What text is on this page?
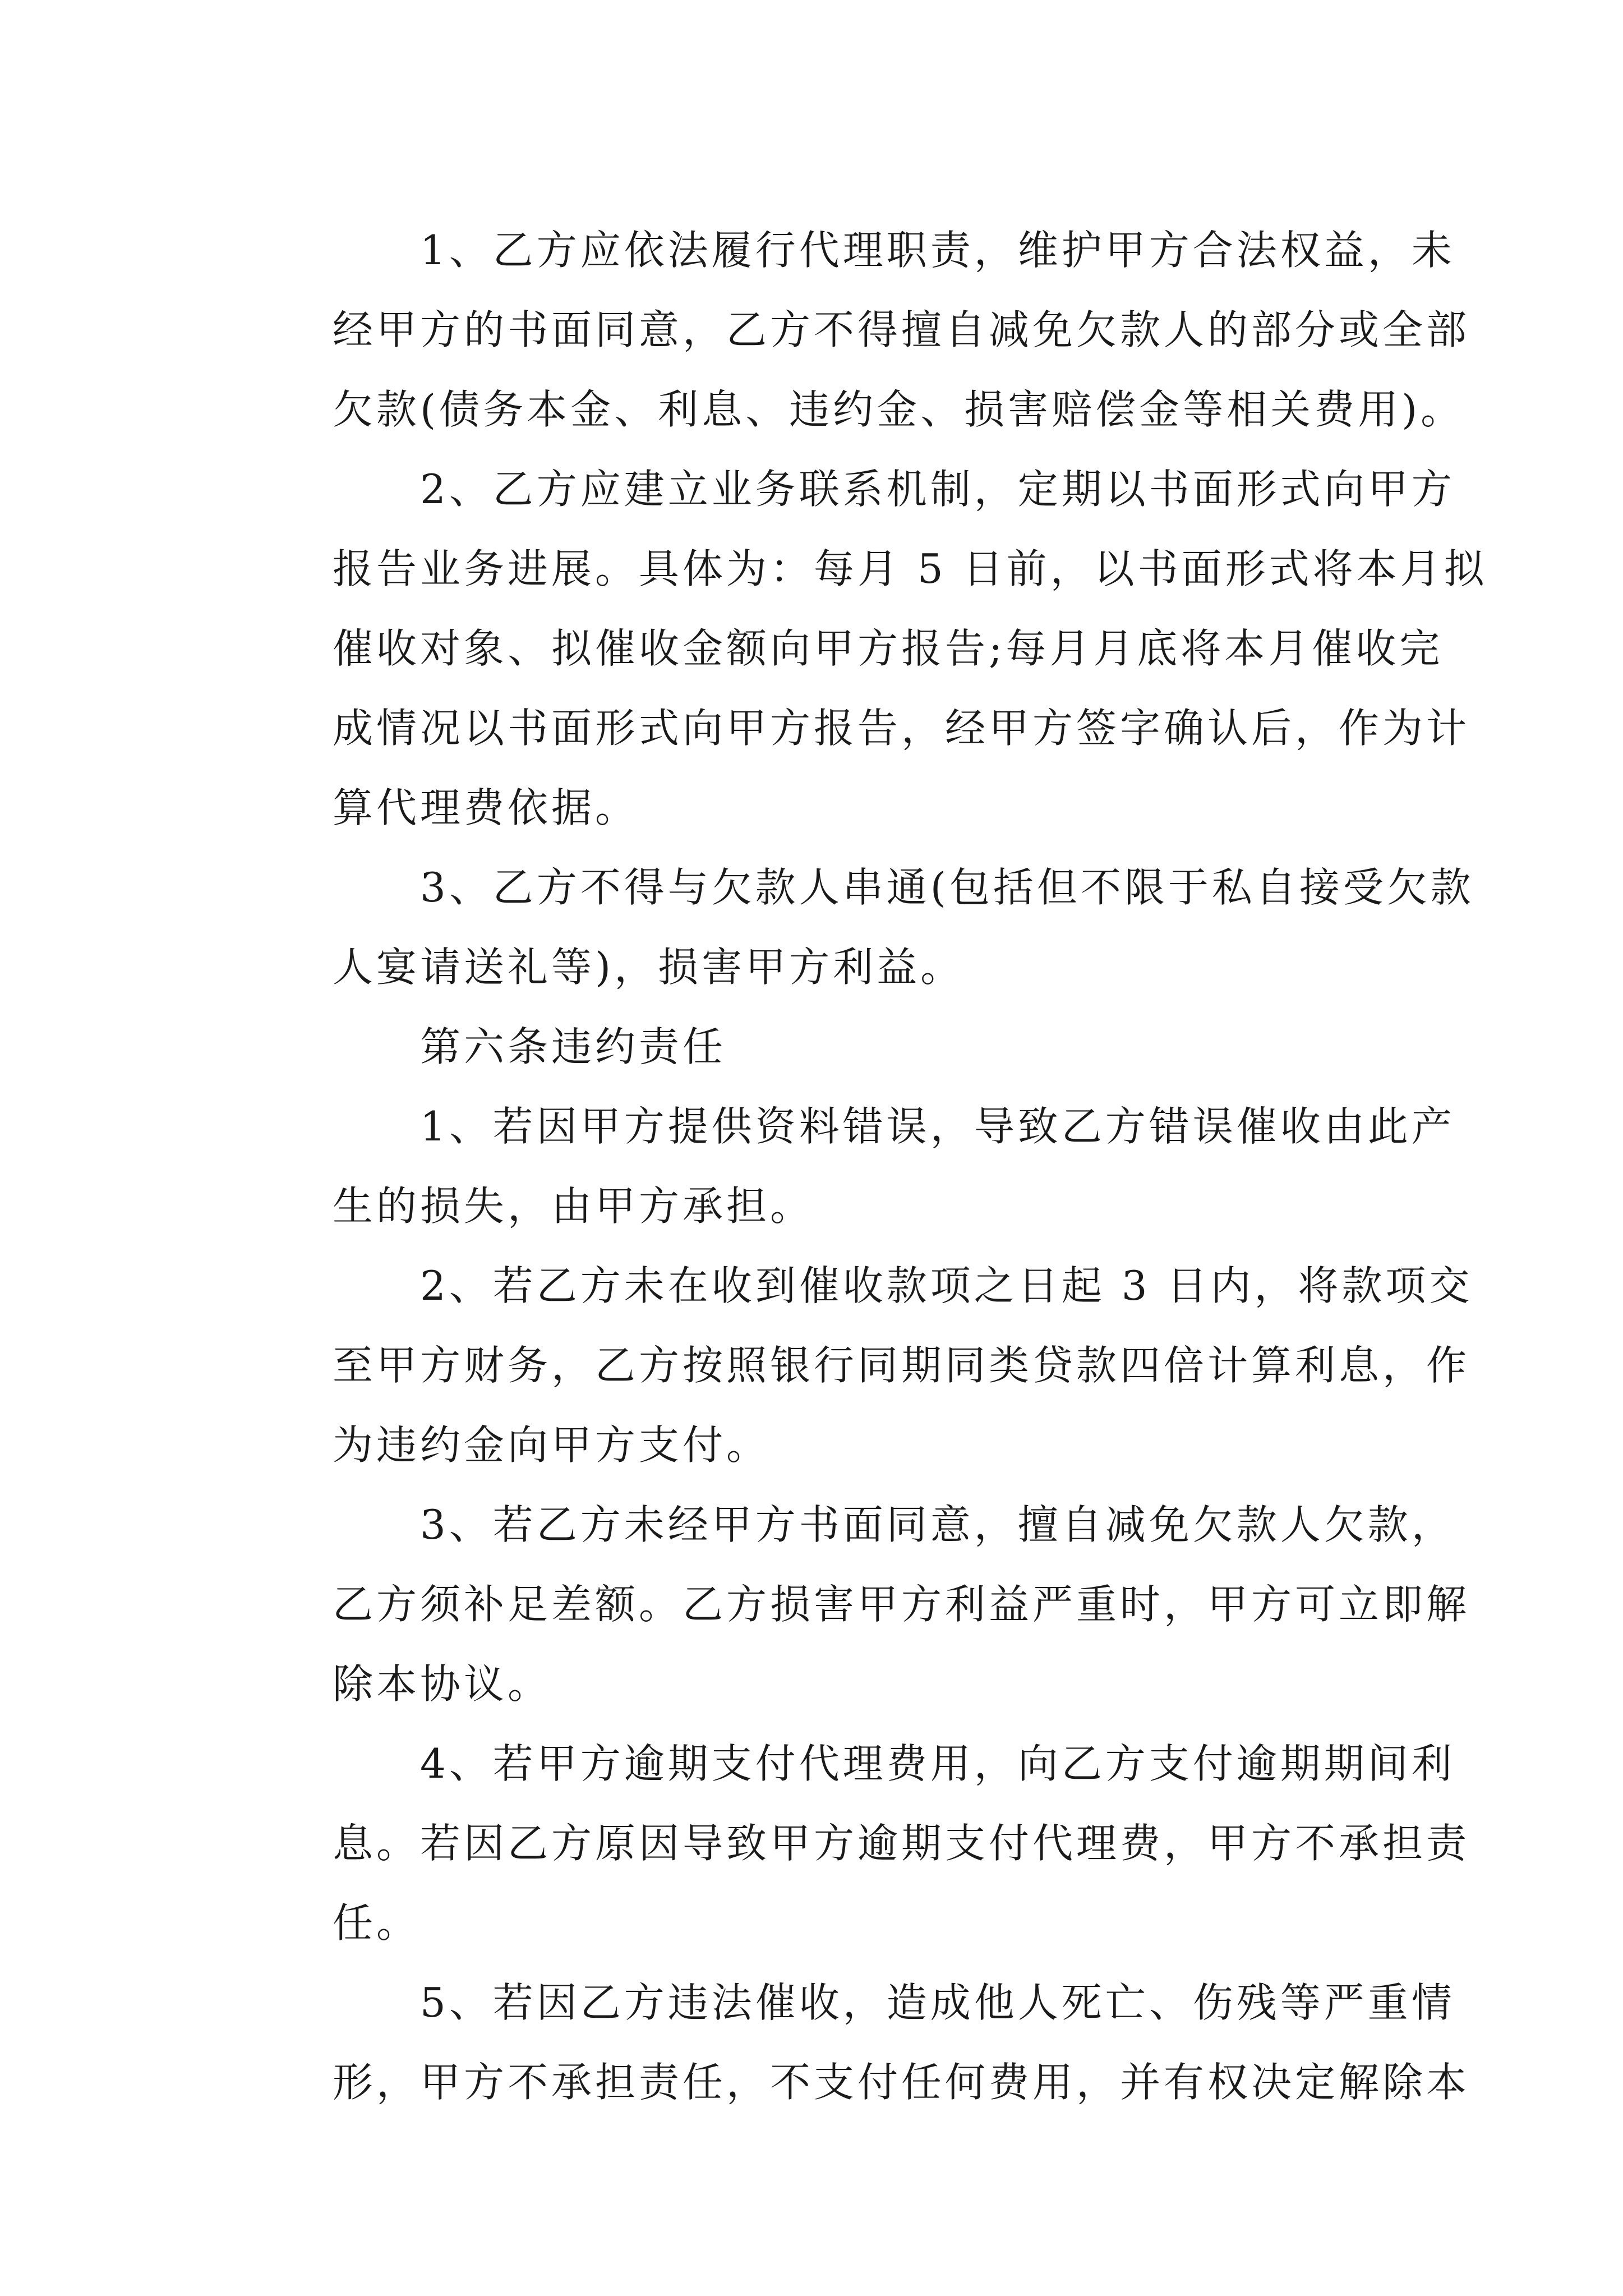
1、乙方应依法履行代理职责，维护甲方合法权益，未
经甲方的书面同意，乙方不得擅自减免欠款人的部分或全部
欠款(债务本金、利息、违约金、损害赔偿金等相关费用)。
2、乙方应建立业务联系机制，定期以书面形式向甲方
报告业务进展。具体为：每月 5 日前，以书面形式将本月拟
催收对象、拟催收金额向甲方报告;每月月底将本月催收完
成情况以书面形式向甲方报告，经甲方签字确认后，作为计
算代理费依据。
3、乙方不得与欠款人串通(包括但不限于私自接受欠款
人宴请送礼等)，损害甲方利益。
第六条违约责任
1、若因甲方提供资料错误，导致乙方错误催收由此产
生的损失，由甲方承担。
2、若乙方未在收到催收款项之日起 3 日内，将款项交
至甲方财务，乙方按照银行同期同类贷款四倍计算利息，作
为违约金向甲方支付。
3、若乙方未经甲方书面同意，擅自减免欠款人欠款，
乙方须补足差额。乙方损害甲方利益严重时，甲方可立即解
除本协议。
4、若甲方逾期支付代理费用，向乙方支付逾期期间利
息。若因乙方原因导致甲方逾期支付代理费，甲方不承担责
任。
5、若因乙方违法催收，造成他人死亡、伤残等严重情
形，甲方不承担责任，不支付任何费用，并有权决定解除本
